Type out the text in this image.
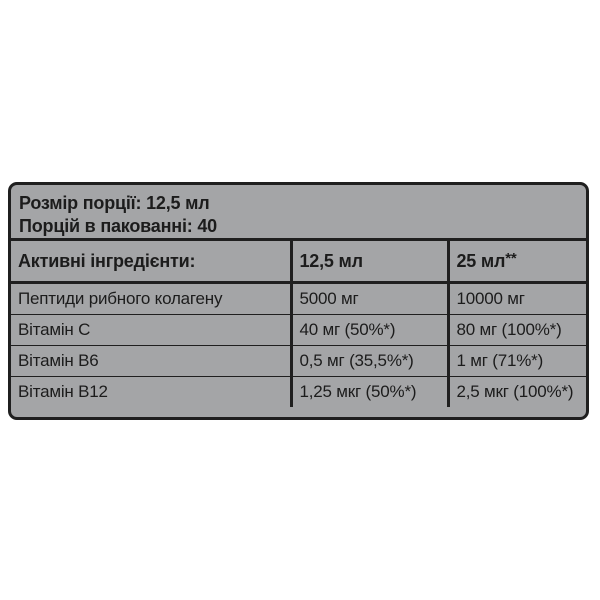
Розмір порції: 12,5 мл
Порцій в пакованні: 40
Активні інгредієнти:	12,5 мл	25 мл**
Пептиди рибного колагену	5000 мг	10000 мг
Вітамін С	40 мг (50%*)	80 мг (100%*)
Вітамін В6	0,5 мг (35,5%*)	1 мг (71%*)
Вітамін В12	1,25 мкг (50%*)	2,5 мкг (100%*)
